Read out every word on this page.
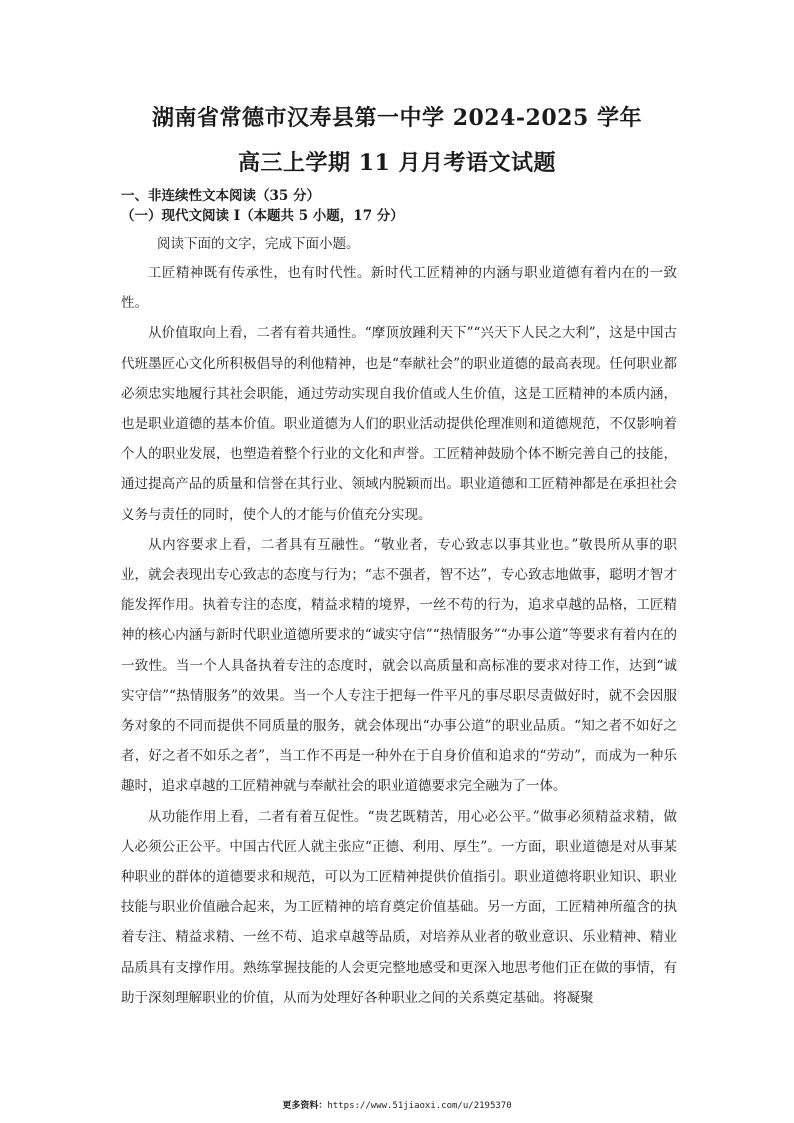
湖南省常德市汉寿县第一中学 2024-2025 学年
高三上学期 11 月月考语文试题
一、非连续性文本阅读（35 分）
（一）现代文阅读 I（本题共 5 小题，17 分）
阅读下面的文字，完成下面小题。

工匠精神既有传承性，也有时代性。新时代工匠精神的内涵与职业道德有着内在的一致性。

从价值取向上看，二者有着共通性。“摩顶放踵利天下”“兴天下人民之大利”，这是中国古代班墨匠心文化所积极倡导的利他精神，也是“奉献社会”的职业道德的最高表现。任何职业都必须忠实地履行其社会职能，通过劳动实现自我价值或人生价值，这是工匠精神的本质内涵，也是职业道德的基本价值。职业道德为人们的职业活动提供伦理准则和道德规范，不仅影响着个人的职业发展，也塑造着整个行业的文化和声誉。工匠精神鼓励个体不断完善自己的技能，通过提高产品的质量和信誉在其行业、领域内脱颖而出。职业道德和工匠精神都是在承担社会义务与责任的同时，使个人的才能与价值充分实现。

从内容要求上看，二者具有互融性。“敬业者，专心致志以事其业也。”敬畏所从事的职业，就会表现出专心致志的态度与行为；“志不强者，智不达”，专心致志地做事，聪明才智才能发挥作用。执着专注的态度，精益求精的境界，一丝不苟的行为，追求卓越的品格，工匠精神的核心内涵与新时代职业道德所要求的“诚实守信”“热情服务”“办事公道”等要求有着内在的一致性。当一个人具备执着专注的态度时，就会以高质量和高标准的要求对待工作，达到“诚实守信”“热情服务”的效果。当一个人专注于把每一件平凡的事尽职尽责做好时，就不会因服务对象的不同而提供不同质量的服务，就会体现出“办事公道”的职业品质。“知之者不如好之者，好之者不如乐之者”，当工作不再是一种外在于自身价值和追求的“劳动”，而成为一种乐趣时，追求卓越的工匠精神就与奉献社会的职业道德要求完全融为了一体。

从功能作用上看，二者有着互促性。“贵艺既精苦，用心必公平。”做事必须精益求精，做人必须公正公平。中国古代匠人就主张应“正德、利用、厚生”。一方面，职业道德是对从事某种职业的群体的道德要求和规范，可以为工匠精神提供价值指引。职业道德将职业知识、职业技能与职业价值融合起来，为工匠精神的培育奠定价值基础。另一方面，工匠精神所蕴含的执着专注、精益求精、一丝不苟、追求卓越等品质，对培养从业者的敬业意识、乐业精神、精业品质具有支撑作用。熟练掌握技能的人会更完整地感受和更深入地思考他们正在做的事情，有助于深刻理解职业的价值，从而为处理好各种职业之间的关系奠定基础。将凝聚

更多资料：https://www.51jiaoxi.com/u/2195370
